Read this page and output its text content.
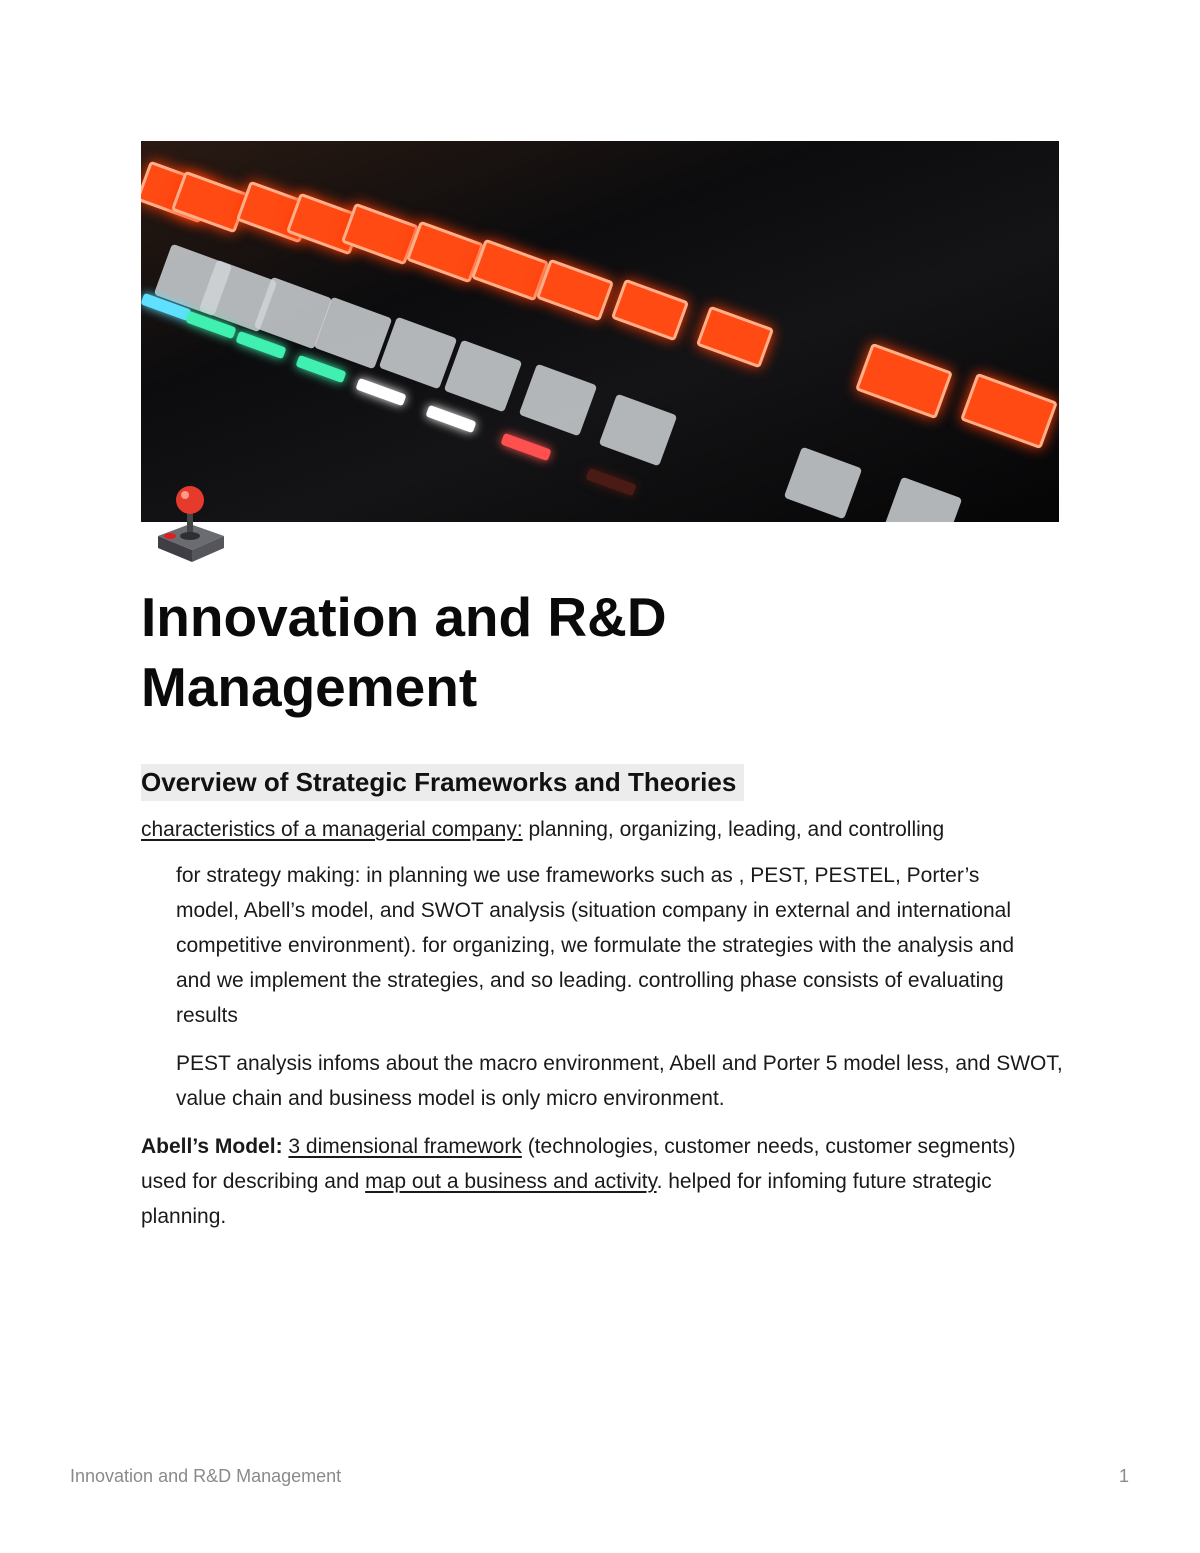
Innovation and R&D
Management
Overview of Strategic Frameworks and Theories

characteristics of a managerial company: planning, organizing, leading, and controlling

for strategy making: in planning we use frameworks such as , PEST, PESTEL, Porter’s model, Abell’s model, and SWOT analysis (situation company in external and international competitive environment). for organizing, we formulate the strategies with the analysis and and we implement the strategies, and so leading. controlling phase consists of evaluating results

PEST analysis infoms about the macro environment, Abell and Porter 5 model less, and SWOT, value chain and business model is only micro environment.

Abell’s Model: 3 dimensional framework (technologies, customer needs, customer segments) used for describing and map out a business and activity. helped for infoming future strategic planning.

Innovation and R&D Management	1
